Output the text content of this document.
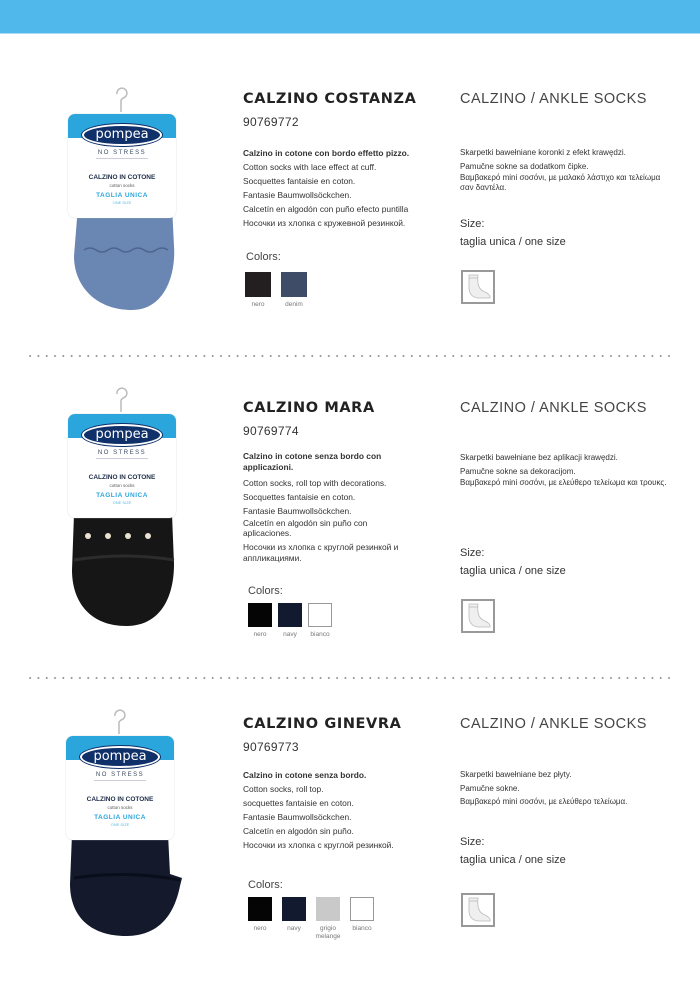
pompea
NO STRESS
CALZINO IN COTONE
cotton socks
TAGLIA UNICA
ONE SIZE
CALZINO COSTANZA
90769772
Calzino in cotone con bordo effetto pizzo.
Cotton socks with lace effect at cuff.
Socquettes fantaisie en coton.
Fantasie Baumwollsöckchen.
Calcetín en algodón con puño efecto puntilla
Носочки из хлопка с кружевной резинкой.
Colors:
nero	denim
CALZINO / ANKLE SOCKS
Skarpetki bawełniane koronki z efekt krawędzi.
Pamučne sokne sa dodatkom čipke.
Βαμβακερό mini σοσόνι, με μαλακό λάστιχο και τελείωμα σαν δαντέλα.
Size:
taglia unica / one size
pompea
NO STRESS
CALZINO IN COTONE
cotton socks
TAGLIA UNICA
ONE SIZE
CALZINO MARA
90769774
Calzino in cotone senza bordo con applicazioni.
Cotton socks, roll top with decorations.
Socquettes fantaisie en coton.
Fantasie Baumwollsöckchen.
Calcetín en algodón sin puño con aplicaciones.
Носочки из хлопка с круглой резинкой и аппликациями.
Colors:
nero	navy	bianco
CALZINO / ANKLE SOCKS
Skarpetki bawełniane bez aplikacji krawędzi.
Pamučne sokne sa dekoracijom.
Βαμβακερό mini σοσόνι, με ελεύθερο τελείωμα και τρουκς.
Size:
taglia unica / one size
pompea
NO STRESS
CALZINO IN COTONE
cotton socks
TAGLIA UNICA
ONE SIZE
CALZINO GINEVRA
90769773
Calzino in cotone senza bordo.
Cotton socks, roll top.
socquettes fantaisie en coton.
Fantasie Baumwollsöckchen.
Calcetín en algodón sin puño.
Носочки из хлопка с круглой резинкой.
Colors:
nero	navy	grigio melange
bianco
CALZINO / ANKLE SOCKS
Skarpetki bawełniane bez płyty.
Pamučne sokne.
Βαμβακερό mini σοσόνι, με ελεύθερο τελείωμα.
Size:
taglia unica / one size
